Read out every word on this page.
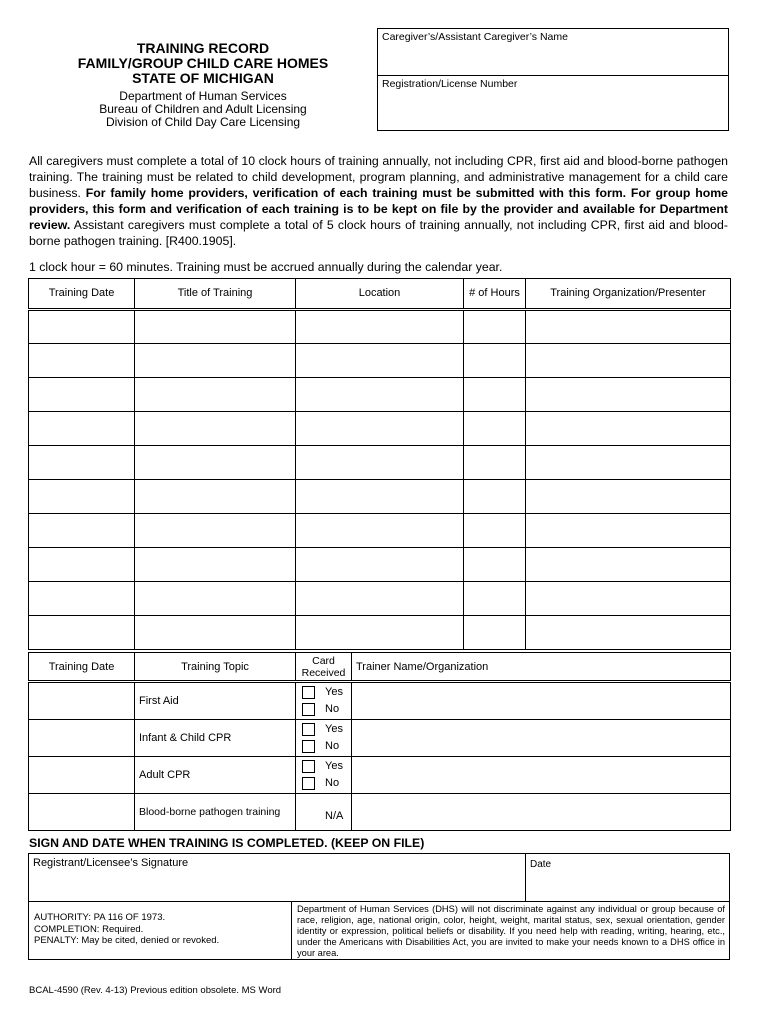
TRAINING RECORD
FAMILY/GROUP CHILD CARE HOMES
STATE OF MICHIGAN
Department of Human Services
Bureau of Children and Adult Licensing
Division of Child Day Care Licensing
Caregiver’s/Assistant Caregiver’s Name
Registration/License Number
All caregivers must complete a total of 10 clock hours of training annually, not including CPR, first aid and blood-borne pathogen training. The training must be related to child development, program planning, and administrative management for a child care business. For family home providers, verification of each training must be submitted with this form. For group home providers, this form and verification of each training is to be kept on file by the provider and available for Department review. Assistant caregivers must complete a total of 5 clock hours of training annually, not including CPR, first aid and blood-borne pathogen training. [R400.1905].
1 clock hour = 60 minutes. Training must be accrued annually during the calendar year.
Training Date	Title of Training	Location	# of Hours	Training Organization/Presenter

Training Date	Training Topic	Card Received	Trainer Name/Organization
	First Aid	Yes
No	

	Infant & Child CPR	Yes
No	

	Adult CPR	Yes
No	

	Blood-borne pathogen training	N/A	

SIGN AND DATE WHEN TRAINING IS COMPLETED. (KEEP ON FILE)
Registrant/Licensee’s Signature	Date
AUTHORITY: PA 116 OF 1973.
COMPLETION: Required.
PENALTY: May be cited, denied or revoked.
Department of Human Services (DHS) will not discriminate against any individual or group because of race, religion, age, national origin, color, height, weight, marital status, sex, sexual orientation, gender identity or expression, political beliefs or disability. If you need help with reading, writing, hearing, etc., under the Americans with Disabilities Act, you are invited to make your needs known to a DHS office in your area.
BCAL-4590 (Rev. 4-13) Previous edition obsolete. MS Word
